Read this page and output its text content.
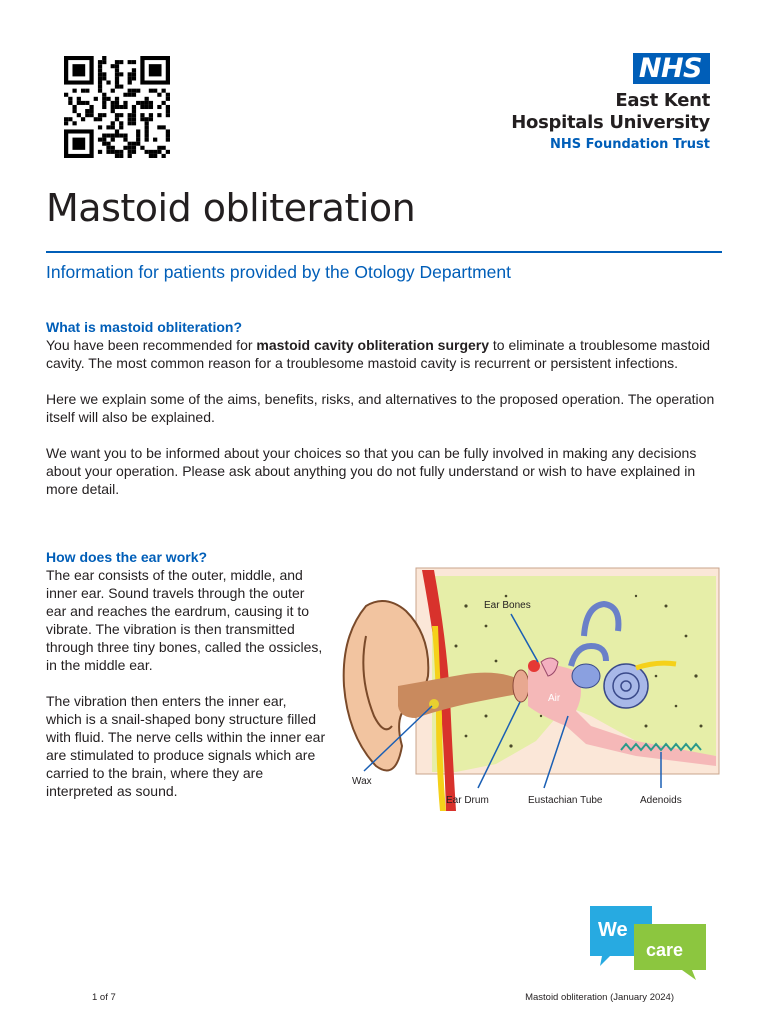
NHS
East Kent
Hospitals University
NHS Foundation Trust
Mastoid obliteration
Information for patients provided by the Otology Department
What is mastoid obliteration?

You have been recommended for mastoid cavity obliteration surgery to eliminate a troublesome mastoid cavity. The most common reason for a troublesome mastoid cavity is recurrent or persistent infections.

Here we explain some of the aims, benefits, risks, and alternatives to the proposed operation. The operation itself will also be explained.

We want you to be informed about your choices so that you can be fully involved in making any decisions about your operation. Please ask about anything you do not fully understand or wish to have explained in more detail.

How does the ear work?

The ear consists of the outer, middle, and inner ear. Sound travels through the outer ear and reaches the eardrum, causing it to vibrate. The vibration is then transmitted through three tiny bones, called the ossicles, in the middle ear.

The vibration then enters the inner ear, which is a snail-shaped bony structure filled with fluid. The nerve cells within the inner ear are stimulated to produce signals which are carried to the brain, where they are interpreted as sound.

Ear Bones
Air
Wax
Ear Drum	Eustachian Tube	Adenoids
We
care
1 of 7	Mastoid obliteration (January 2024)
